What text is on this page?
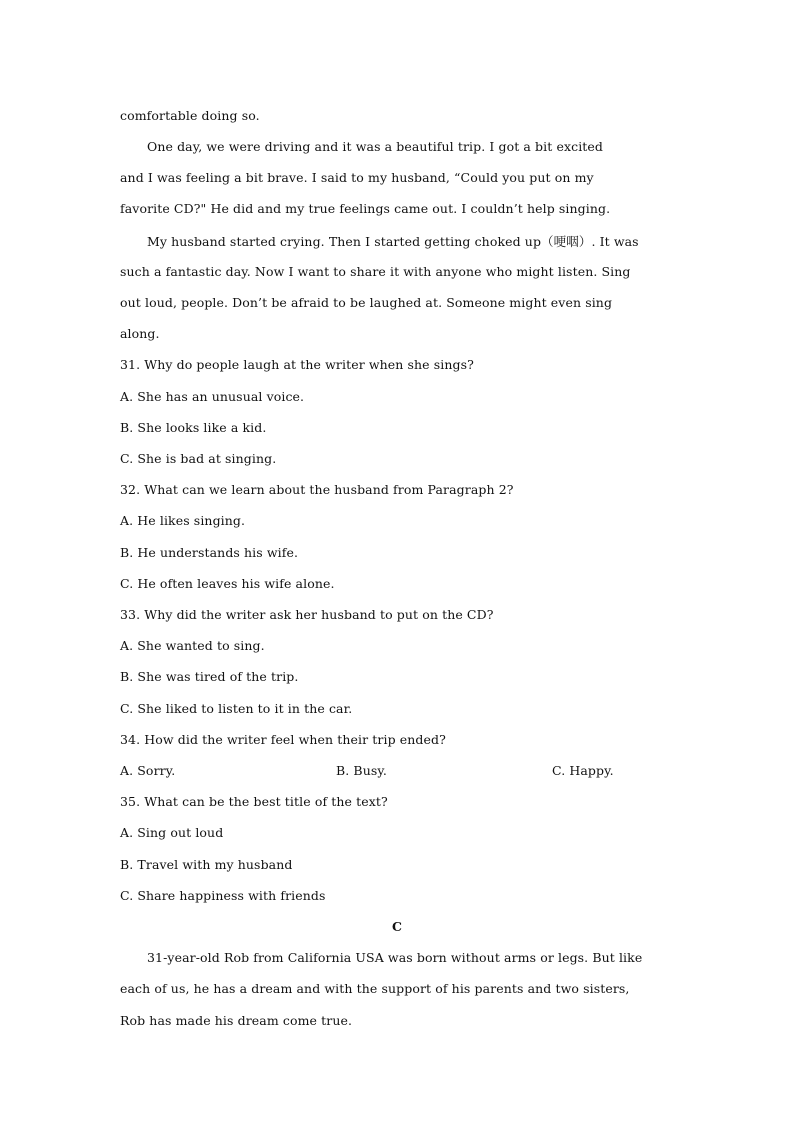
comfortable doing so.
One day, we were driving and it was a beautiful trip. I got a bit excited
and I was feeling a bit brave. I said to my husband, “Could you put on my
favorite CD?" He did and my true feelings came out. I couldn’t help singing.
My husband started crying. Then I started getting choked up（哽咽）. It was
such a fantastic day. Now I want to share it with anyone who might listen. Sing
out loud, people. Don’t be afraid to be laughed at. Someone might even sing
along.
31. Why do people laugh at the writer when she sings?
A. She has an unusual voice.
B. She looks like a kid.
C. She is bad at singing.
32. What can we learn about the husband from Paragraph 2?
A. He likes singing.
B. He understands his wife.
C. He often leaves his wife alone.
33. Why did the writer ask her husband to put on the CD?
A. She wanted to sing.
B. She was tired of the trip.
C. She liked to listen to it in the car.
34. How did the writer feel when their trip ended?
A. Sorry.	B. Busy.	C. Happy.
35. What can be the best title of the text?
A. Sing out loud
B. Travel with my husband
C. Share happiness with friends
C
31-year-old Rob from California USA was born without arms or legs. But like
each of us, he has a dream and with the support of his parents and two sisters,
Rob has made his dream come true.
